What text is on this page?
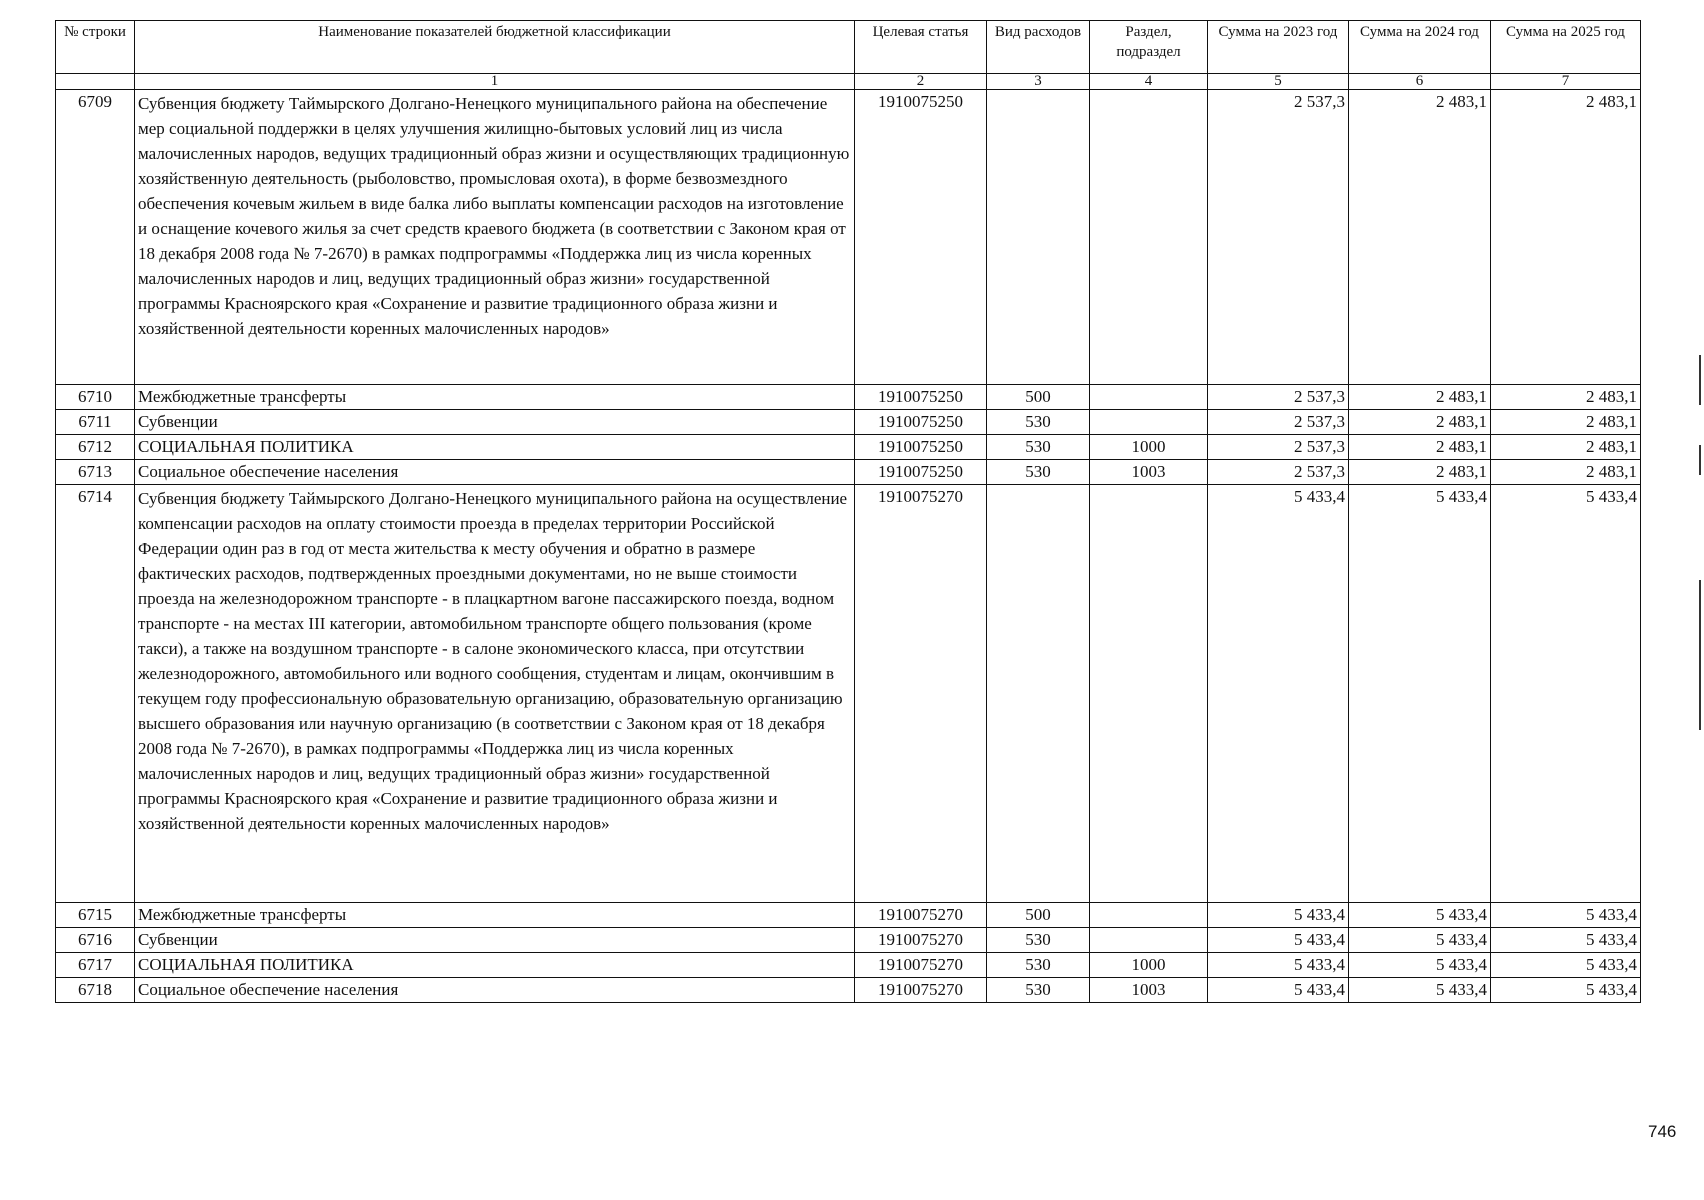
№ строки	Наименование показателей бюджетной классификации	Целевая статья	Вид расходов	Раздел, подраздел	Сумма на 2023 год	Сумма на 2024 год	Сумма на 2025 год
	1	2	3	4	5	6	7
6709	Субвенция бюджету Таймырского Долгано-Ненецкого муниципального района на обеспечение мер социальной поддержки в целях улучшения жилищно-бытовых условий лиц из числа малочисленных народов, ведущих традиционный образ жизни и осуществляющих традиционную хозяйственную деятельность (рыболовство, промысловая охота), в форме безвозмездного обеспечения кочевым жильем в виде балка либо выплаты компенсации расходов на изготовление и оснащение кочевого жилья за счет средств краевого бюджета (в соответствии с Законом края от 18 декабря 2008 года № 7-2670) в рамках подпрограммы «Поддержка лиц из числа коренных малочисленных народов и лиц, ведущих традиционный образ жизни» государственной программы Красноярского края «Сохранение и развитие традиционного образа жизни и хозяйственной деятельности коренных малочисленных народов»	1910075250			2 537,3	2 483,1	2 483,1
6710	Межбюджетные трансферты	1910075250	500		2 537,3	2 483,1	2 483,1
6711	Субвенции	1910075250	530		2 537,3	2 483,1	2 483,1
6712	СОЦИАЛЬНАЯ ПОЛИТИКА	1910075250	530	1000	2 537,3	2 483,1	2 483,1
6713	Социальное обеспечение населения	1910075250	530	1003	2 537,3	2 483,1	2 483,1
6714	Субвенция бюджету Таймырского Долгано-Ненецкого муниципального района на осуществление компенсации расходов на оплату стоимости проезда в пределах территории Российской Федерации один раз в год от места жительства к месту обучения и обратно в размере фактических расходов, подтвержденных проездными документами, но не выше стоимости проезда на железнодорожном транспорте - в плацкартном вагоне пассажирского поезда, водном транспорте - на местах III категории, автомобильном транспорте общего пользования (кроме такси), а также на воздушном транспорте - в салоне экономического класса, при отсутствии железнодорожного, автомобильного или водного сообщения, студентам и лицам, окончившим в текущем году профессиональную образовательную организацию, образовательную организацию высшего образования или научную организацию (в соответствии с Законом края от 18 декабря 2008 года № 7-2670), в рамках подпрограммы «Поддержка лиц из числа коренных малочисленных народов и лиц, ведущих традиционный образ жизни» государственной программы Красноярского края «Сохранение и развитие традиционного образа жизни и хозяйственной деятельности коренных малочисленных народов»	1910075270			5 433,4	5 433,4	5 433,4
6715	Межбюджетные трансферты	1910075270	500		5 433,4	5 433,4	5 433,4
6716	Субвенции	1910075270	530		5 433,4	5 433,4	5 433,4
6717	СОЦИАЛЬНАЯ ПОЛИТИКА	1910075270	530	1000	5 433,4	5 433,4	5 433,4
6718	Социальное обеспечение населения	1910075270	530	1003	5 433,4	5 433,4	5 433,4
746
